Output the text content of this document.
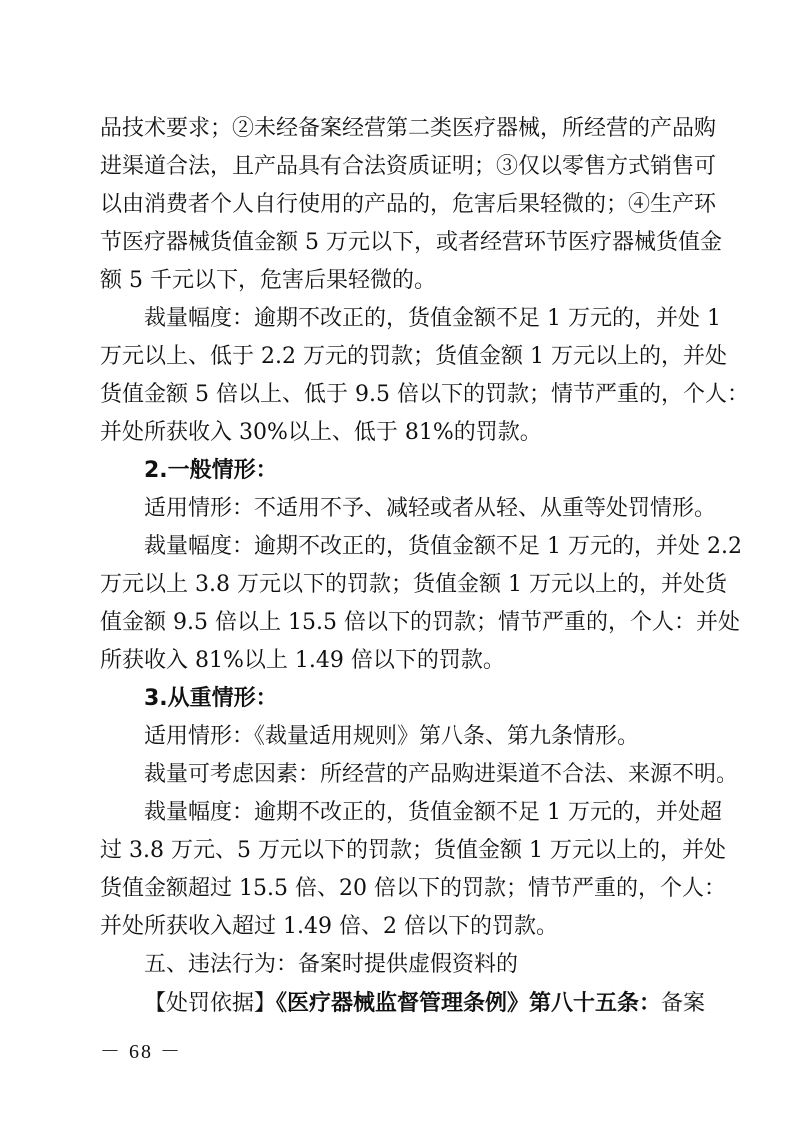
品技术要求；②未经备案经营第二类医疗器械，所经营的产品购
进渠道合法，且产品具有合法资质证明；③仅以零售方式销售可
以由消费者个人自行使用的产品的，危害后果轻微的；④生产环
节医疗器械货值金额 5 万元以下，或者经营环节医疗器械货值金
额 5 千元以下，危害后果轻微的。
裁量幅度：逾期不改正的，货值金额不足 1 万元的，并处 1
万元以上、低于 2.2 万元的罚款；货值金额 1 万元以上的，并处
货值金额 5 倍以上、低于 9.5 倍以下的罚款；情节严重的，个人：
并处所获收入 30%以上、低于 81%的罚款。
2.一般情形：
适用情形：不适用不予、减轻或者从轻、从重等处罚情形。
裁量幅度：逾期不改正的，货值金额不足 1 万元的，并处 2.2
万元以上 3.8 万元以下的罚款；货值金额 1 万元以上的，并处货
值金额 9.5 倍以上 15.5 倍以下的罚款；情节严重的，个人：并处
所获收入 81%以上 1.49 倍以下的罚款。
3.从重情形：
适用情形：《裁量适用规则》第八条、第九条情形。
裁量可考虑因素：所经营的产品购进渠道不合法、来源不明。
裁量幅度：逾期不改正的，货值金额不足 1 万元的，并处超
过 3.8 万元、5 万元以下的罚款；货值金额 1 万元以上的，并处
货值金额超过 15.5 倍、20 倍以下的罚款；情节严重的，个人：
并处所获收入超过 1.49 倍、2 倍以下的罚款。
五、违法行为：备案时提供虚假资料的
【处罚依据】《医疗器械监督管理条例》第八十五条：备案
－ 68 －
